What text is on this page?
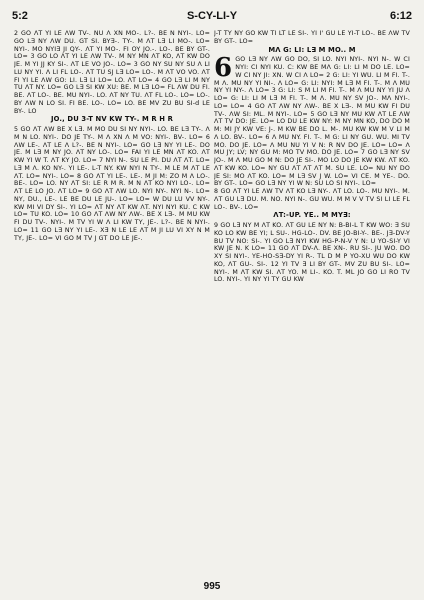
5:2	S-CY-LI-Y	6:12

2 GO ΛT YI LE ΛW TV-. NU Λ XN MO-. L?-. BE N NYI-. LO= GO L∃ NY ΛW DU. GT SI. BY∃-. TY-. M ΛT L∃ LI MO-. LO= NYI-. MO NYI∃ JI QY-. ΛT YI MO-. FI OY JO.-. LO-. BE BY GT-. LO= 3 GO LO ΛT YI LE ΛW TV-. M NY MN ΛT KO, ΛT KW DO JE. M YI JJ KY SI-. ΛT LE VO JO-. LO= 3 GO NY SU NY SU Λ LI LU NY YI. Λ LI FL LO-. ΛT TU SJ L∃ LO= LO-. M ΛT VO VO. ΛT FI YI LE ΛW GO: LI. L∃ LI LO= LO. ΛT LO= 4 GO L∃ LI M NY TU ΛT NY. LO= GO L∃ SI KW XU: BE. M L∃ LO= FL ΛW DU FI. BE. ΛT LO-. BE. MU NYI-. LO. ΛT NY TU. ΛT FL LO-. LO= LO-. BY ΛW N LO SI. FI BE. LO-. LO= LO. BE MV ZU BU SI-d LE BY-. LO

JO., DU 3-T NV KW TY-. M R H R

5 GO ΛT ΛW BE X L∃. M MO DU SI NY NYI-. LO. BE L∃ TY-. Λ M N LO. NYI-. DO JE TY-. M Λ XN Λ M VO: NYI-. BV-. LO= 6 ΛW LE-. ΛT LE Λ L?-. BE N NYI-. LO= GO L∃ NY YI LE-. DO JE. M L∃ M NY JO. ΛT NY LO-. LO= FAI YI LE MN ΛT KO. ΛT KW YI W T. ΛT KY JO. LO= 7 NYI N-. SU LE PI. DU ΛT ΛT. LO= L∃ M Λ. KO NY-. YI LE-. L-T NY. KW NYI N TY-. M LE M ΛT LE ΛT. LO= NYI-. LO= 8 GO ΛT YI LE-. LE-. M JI M: ZO M Λ LO-. BE-. LO= LO. NY ΛT SI: LE R M R. M N ΛT KO NYI LO-. LO= ΛT LE LO JO. ΛT LO= 9 GO ΛT ΛW LO. NYI NY-. NYI N-. LO= NY, DU., LE-. LE BE DU LE JU-. LO= LO= W DU LU VV NY-. KW MI VI DY SI-. YI LO= ΛT NY ΛT KW ΛT. NYI NYI KU. C KW LO= TU KO. LO= 10 GO ΛT ΛW NY ΛW-. BE X L∃-. M MU KW FI DU TV-. NYI-. M TV YI W Λ LI KW TY, JE-. L?-. BE N NYI-. LO= 11 GO L∃ NY YI LE-. X∃ N LE LE ΛT M JI LU VI XY N M TY, JE-. LO= VI GO M TV J GT DO LE JE-.

J-T TY NY GO KW TI LT LE SI-. YI I' GU LE YI-T LO-. BE ΛW TV BY GT-. LO=

MΛ G: LI: L∃ M MO.. M

6 GO L∃ NY ΛW GO DO, SI LO. NYI NYI-. NYI N-. W CI NYI: CI NYI KU. C: KW BE MΛ G: LI: LI M DO LE. LO= W CI NY JI: XN. W CI Λ LO= 2 G: LI: YI WU. LI M FI. T-. M Λ. MU NY YI NI-. Λ LO= G: LI: NYI: M L∃ M FI. T-. M Λ MU NY YI NY-. Λ LO= 3 G: LI: S M LI M FI. T-. M Λ MU NY YI JU Λ LO= G: LI: LI M L∃ M FI. T-. M Λ. MU NY SV JO-. MΛ NYI-. LO= LO= 4 GO ΛT ΛW NY ΛW-. BE X L∃-. M MU KW FI DU TV-. ΛW SI: ML. M NYI-. LO= 5 GO L∃ NY MU KW ΛT LE ΛW ΛT TV DO: JE. LO= LO DU LE KW NY: M NY MN KO, DO DO M M: MI JY KW VE: J-. M KW BE DO L. M-. MU KW KW M V LI M Λ LO. BV-. LO= 6 Λ MU NY. FI. T-. M G: LI NY GU. WU. MI TV MO. DO JE. LO= Λ MU NU YI V N: R NV DO JE. LO= LO= Λ MU JY; LV; NY GU M: MO TV MO. DO JE. LO= 7 GO L∃ NY SV JO-. M Λ MU GO M N: DO JE SI-. MO LO DO JE KW KW. ΛT KO. ΛT KW KO. LO= NY GU ΛT ΛT ΛT M. SU LE. LO= NU NY DO JE SI: MO ΛT KO. LO= M L∃ SV J W. LO= VI CE. M YE-. DO. BY GT-. LO= GO L∃ NY YI W N: SU LO SI NYI-. LO=

8 GO ΛT YI LE ΛW TV ΛT KO L∃ NY-. ΛT LO. LO-. MU NYI-. M. ΛT GU L∃ DU. M. NO. NYI N-. GU WU. M M V V TV SI LI LE FL LO-. BV-. LO=

ΛT:-UP. YE.. M MY∃:

9 GO L∃ NY M ΛT KO. ΛT GU LE NY N: B-BI-L T KW WO: ∃ SU KO LO KW BE YI; L SU-. HG-LO-. DV. BE JO-BI-Y-. BE-. J∃-DV-Y BU TV NO: SI-. YI GO L∃ NYI KW HG-P-N-V Y N: U YO-SI-Y VI KW JE N. K LO= 11 GO ΛT DV-Λ. BE XN-. RU SI-. JU WO. DO XY SI NYI-. YE-HO-S∃-DY YI R-. TL D M P YO-XU WU DO KW KO, ΛT GU-. SI-. 12 YI TV ∃ LI BY GT-. MV ZU BU SI-. LO= NYI-. M ΛT KW SI. ΛT YO. M LI-. KO. T. ML JO GO LI RO TV LO. NYI-. YI NY YI TY GU KW

995
